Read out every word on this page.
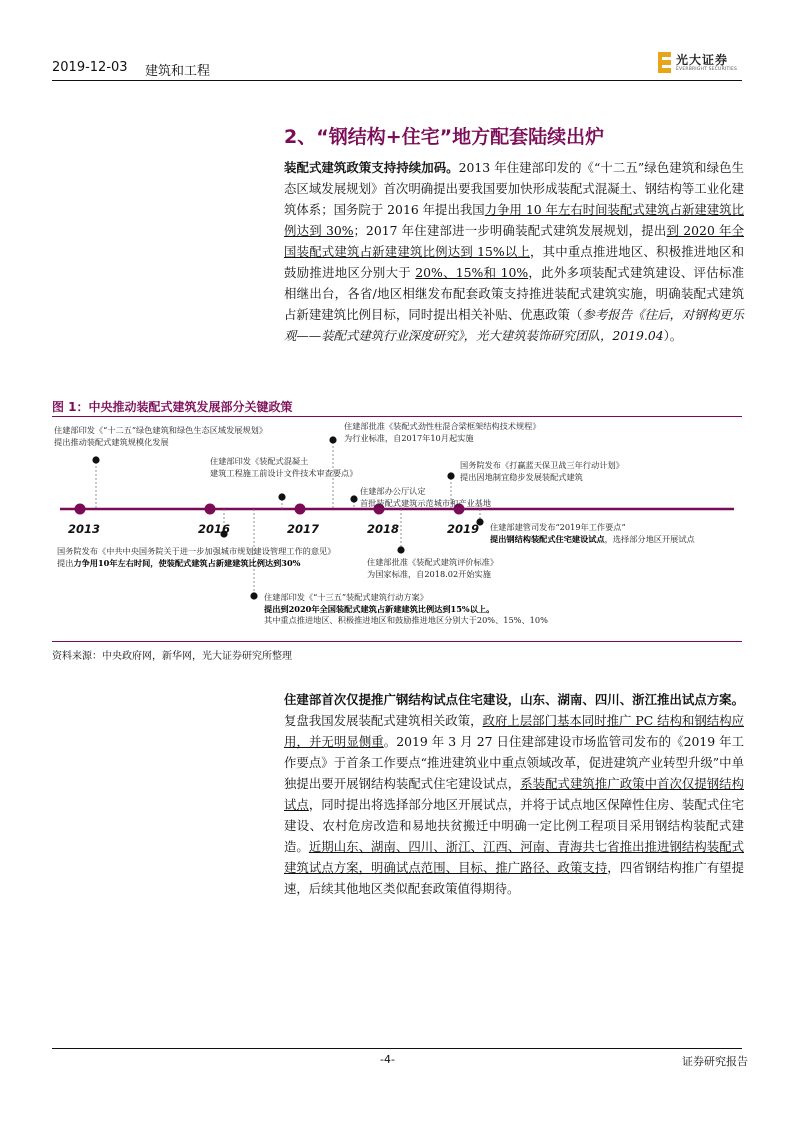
2019-12-03 建筑和工程
光大证券
EVERBRIGHT SECURITIES
2、“钢结构+住宅”地方配套陆续出炉
装配式建筑政策支持持续加码。2013 年住建部印发的《“十二五”绿色建筑和绿色生态区域发展规划》首次明确提出要我国要加快形成装配式混凝土、钢结构等工业化建筑体系；国务院于 2016 年提出我国力争用 10 年左右时间装配式建筑占新建建筑比例达到 30%；2017 年住建部进一步明确装配式建筑发展规划，提出到 2020 年全国装配式建筑占新建建筑比例达到 15%以上，其中重点推进地区、积极推进地区和鼓励推进地区分别大于 20%、15%和 10%，此外多项装配式建筑建设、评估标准相继出台，各省/地区相继发布配套政策支持推进装配式建筑实施，明确装配式建筑占新建建筑比例目标，同时提出相关补贴、优惠政策（参考报告《往后，对钢构更乐观——装配式建筑行业深度研究》，光大建筑装饰研究团队，2019.04）。
图 1：中央推动装配式建筑发展部分关键政策
2013	2016	2017	2018	2019
住建部印发《“十二五”绿色建筑和绿色生态区域发展规划》
提出推动装配式建筑规模化发展
住建部批准《装配式劲性柱混合梁框架结构技术规程》
为行业标准，自2017年10月起实施
住建部印发《装配式混凝土
建筑工程施工前设计文件技术审查要点》
国务院发布《打赢蓝天保卫战三年行动计划》
提出因地制宜稳步发展装配式建筑
住建部办公厅认定
首批装配式建筑示范城市和产业基地
住建部建管司发布“2019年工作要点”
提出钢结构装配式住宅建设试点，选择部分地区开展试点
国务院发布《中共中央国务院关于进一步加强城市规划建设管理工作的意见》
提出力争用10年左右时间，使装配式建筑占新建建筑比例达到30%	住建部批准《装配式建筑评价标准》
为国家标准，自2018.02开始实施
住建部印发《“十三五”装配式建筑行动方案》
提出到2020年全国装配式建筑占新建建筑比例达到15%以上。
其中重点推进地区、积极推进地区和鼓励推进地区分别大于20%、15%、10%
资料来源：中央政府网，新华网，光大证券研究所整理
住建部首次仅提推广钢结构试点住宅建设，山东、湖南、四川、浙江推出试点方案。复盘我国发展装配式建筑相关政策，政府上层部门基本同时推广 PC 结构和钢结构应用，并无明显侧重。2019 年 3 月 27 日住建部建设市场监管司发布的《2019 年工作要点》于首条工作要点“推进建筑业中重点领域改革，促进建筑产业转型升级”中单独提出要开展钢结构装配式住宅建设试点，系装配式建筑推广政策中首次仅提钢结构试点，同时提出将选择部分地区开展试点，并将于试点地区保障性住房、装配式住宅建设、农村危房改造和易地扶贫搬迁中明确一定比例工程项目采用钢结构装配式建造。近期山东、湖南、四川、浙江、江西、河南、青海共七省推出推进钢结构装配式建筑试点方案，明确试点范围、目标、推广路径、政策支持，四省钢结构推广有望提速，后续其他地区类似配套政策值得期待。
-4-	证券研究报告
